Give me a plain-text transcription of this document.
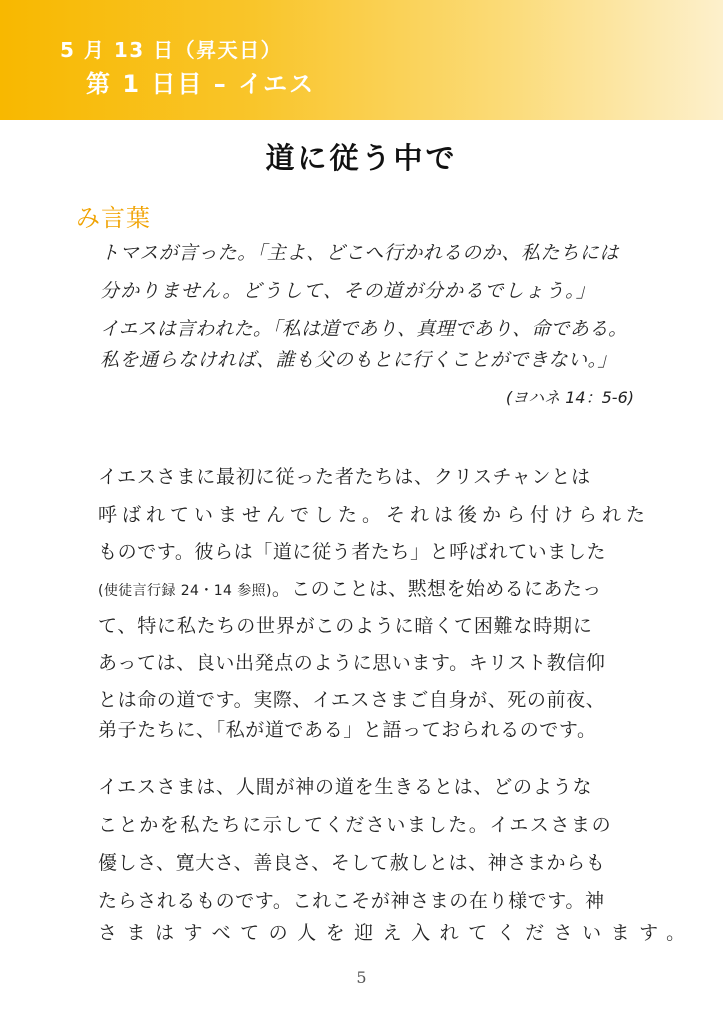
5 月 13 日（昇天日）
第 1 日目 – イエス
道に従う中で
み言葉
トマスが言った。「主よ、どこへ行かれるのか、私たちには
分かりません。どうして、その道が分かるでしょう。」
イエスは言われた。「私は道であり、真理であり、命である。
私を通らなければ、誰も父のもとに行くことができない。」
(ヨハネ 14：5-6)
イエスさまに最初に従った者たちは、クリスチャンとは
呼ばれていませんでした。それは後から付けられた
ものです。彼らは「道に従う者たち」と呼ばれていました
(使徒言行録 24・14 参照)。このことは、黙想を始めるにあたっ
て、特に私たちの世界がこのように暗くて困難な時期に
あっては、良い出発点のように思います。キリスト教信仰
とは命の道です。実際、イエスさまご自身が、死の前夜、
弟子たちに、「私が道である」と語っておられるのです。
イエスさまは、人間が神の道を生きるとは、どのような
ことかを私たちに示してくださいました。イエスさまの
優しさ、寛大さ、善良さ、そして赦しとは、神さまからも
たらされるものです。これこそが神さまの在り様です。神
さまはすべての人を迎え入れてくださいます。
5
